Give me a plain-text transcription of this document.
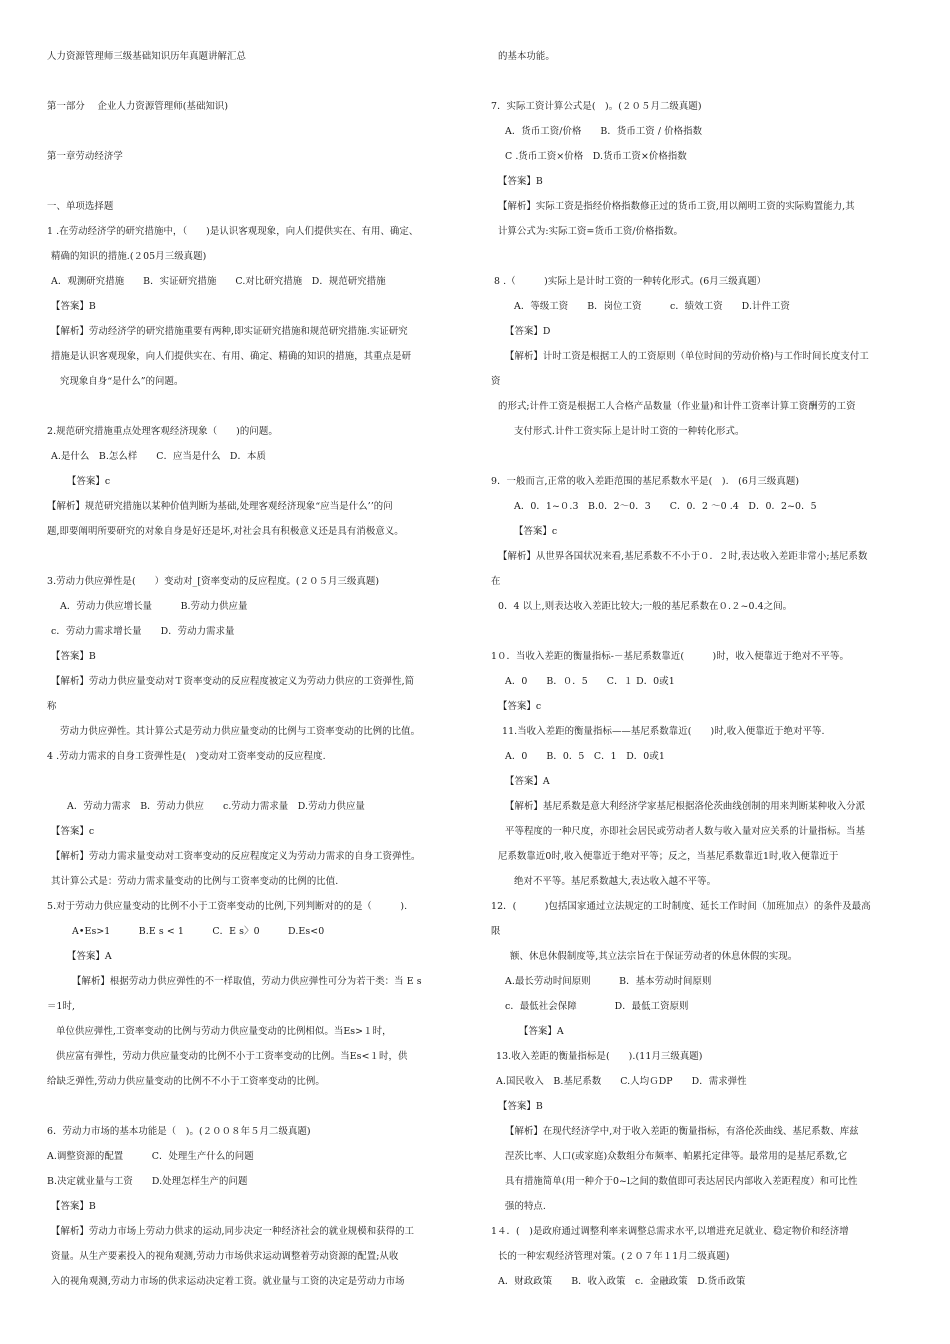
人力资源管理师三级基础知识历年真题讲解汇总
第一部分　 企业人力资源管理师(基础知识)
第一章劳动经济学
一、单项选择题
1 .在劳动经济学的研究措施中，（　　)是认识客观现象，向人们提供实在、有用、确定、
精确的知识的措施.(２05月三级真题)
A．观测研究措施　　B．实证研究措施　　C.对比研究措施　D．规范研究措施
【答案】B
【解析】劳动经济学的研究措施重要有两种,即实证研究措施和规范研究措施.实证研究
措施是认识客观现象，向人们提供实在、有用、确定、精确的知识的措施，其重点是研
究现象自身“是什么”的问题。
2.规范研究措施重点处理客观经济现象（　　)的问题。
A.是什么　B.怎么样　　C．应当是什么　D．本质
【答案】c
【解析】规范研究措施以某种价值判断为基础,处理客观经济现象“应当是什么’’的问
题,即要阐明所要研究的对象自身是好还是坏,对社会具有积极意义还是具有消极意义。
3.劳动力供应弹性是(　　）变动对_[资率变动的反应程度。(２０５月三级真题)
A．劳动力供应增长量　　　B.劳动力供应量
c．劳动力需求增长量　　D．劳动力需求量
【答案】B
【解析】劳动力供应量变动对Ｔ资率变动的反应程度被定义为劳动力供应的工资弹性,简
称
劳动力供应弹性。其计算公式是劳动力供应量变动的比例与工资率变动的比例的比值。
4 .劳动力需求的自身工资弹性是(　)变动对工资率变动的反应程度.
A．劳动力需求　B．劳动力供应　　c.劳动力需求量　D.劳动力供应量
【答案】c
【解析】劳动力需求量变动对工资率变动的反应程度定义为劳动力需求的自身工资弹性。
其计算公式是：劳动力需求量变动的比例与工资率变动的比例的比值.
5.对于劳动力供应量变动的比例不小于工资率变动的比例,下列判断对的的是（　　　).
A•Es>1　　　B.E s < 1　　　C．E s〉0　　　D.Es<0
【答案】A
【解析】根据劳动力供应弹性的不一样取值，劳动力供应弹性可分为若干类：当 E s
＝1时,
单位供应弹性,工资率变动的比例与劳动力供应量变动的比例相似。当Es>１时，
供应富有弹性，劳动力供应量变动的比例不小于工资率变动的比例。当Es<１时，供
给缺乏弹性,劳动力供应量变动的比例不不小于工资率变动的比例。
6．劳动力市场的基本功能是（　)。(２００８年５月二级真题)
A.调整资源的配置　　　C．处理生产什么的问题
B.决定就业量与工资　　D.处理怎样生产的问题
【答案】B
【解析】劳动力市场上劳动力供求的运动,同步决定一种经济社会的就业规模和获得的工
资量。从生产要素投入的视角观测,劳动力市场供求运动调整着劳动资源的配置;从收
入的视角观测,劳动力市场的供求运动决定着工资。就业量与工资的决定是劳动力市场
的基本功能。
7．实际工资计算公式是(　)。(２０５月二级真题)
A．货币工资/价格　　B．货币工资 / 价格指数
C .货币工资×价格　D.货币工资×价格指数
【答案】B
【解析】实际工资是指经价格指数修正过的货币工资,用以阐明工资的实际购置能力,其
计算公式为:实际工资=货币工资/价格指数。
8 .（　　　)实际上是计时工资的一种转化形式。(6月三级真题）
A．等级工资　　B．岗位工资　　　c．绩效工资　　D.计件工资
【答案】D
【解析】计时工资是根据工人的工资原则（单位时间的劳动价格)与工作时间长度支付工
资
的形式;计件工资是根据工人合格产品数量（作业量)和计件工资率计算工资酬劳的工资
支付形式.计件工资实际上是计时工资的一种转化形式。
9．一般而言,正常的收入差距范围的基尼系数水平是(　).　(6月三级真题)
A．0．1~０.3　B.0．2～0．3　　C．0．2 ～0 .4　D．0．2~0．5
【答案】c
【解析】从世界各国状况来看,基尼系数不不小于０．２时,表达收入差距非常小;基尼系数
在
0．4 以上,则表达收入差距比较大;一般的基尼系数在０.２~0.4之间。
1０．当收入差距的衡量指标-－基尼系数靠近(　　　)时，收入便靠近于绝对不平等。
A．0　　B．０．5　　C．１ D．0或1
【答案】c
11.当收入差距的衡量指标——基尼系数靠近(　　)时,收入便靠近于绝对平等.
A．0　　B．0．5　C．1　D．0或1
【答案】A
【解析】基尼系数是意大利经济学家基尼根据洛伦茨曲线创制的用来判断某种收入分派
平等程度的一种尺度，亦即社会居民或劳动者人数与收入量对应关系的计量指标。当基
尼系数靠近0时,收入便靠近于绝对平等；反之，当基尼系数靠近1时,收入便靠近于
绝对不平等。基尼系数越大,表达收入越不平等。
12．(　　　)包括国家通过立法规定的工时制度、延长工作时间（加班加点）的条件及最高
限
额、休息休假制度等,其立法宗旨在于保证劳动者的休息休假的实现。
A.最长劳动时间原则　　　B．基本劳动时间原则
c．最低社会保障　　　　D．最低工资原则
【答案】A
13.收入差距的衡量指标是(　　).(11月三级真题)
A.国民收入　B.基尼系数　　C.人均ＧDP　　D．需求弹性
【答案】B
【解析】在现代经济学中,对于收入差距的衡量指标，有洛伦茨曲线、基尼系数、库兹
涅茨比率、人口(或家庭)众数组分布频率、帕累托定律等。最常用的是基尼系数,它
具有措施简单(用一种介于0~l之间的数值即可表达居民内部收入差距程度）和可比性
强的特点.
1４．(　)是政府通过调整利率来调整总需求水平,以增进充足就业、稳定物价和经济增
长的一种宏观经济管理对策。(２０７年１1月二级真题)
A．财政政策　　B．收入政策　c．金融政策　D.货币政策
